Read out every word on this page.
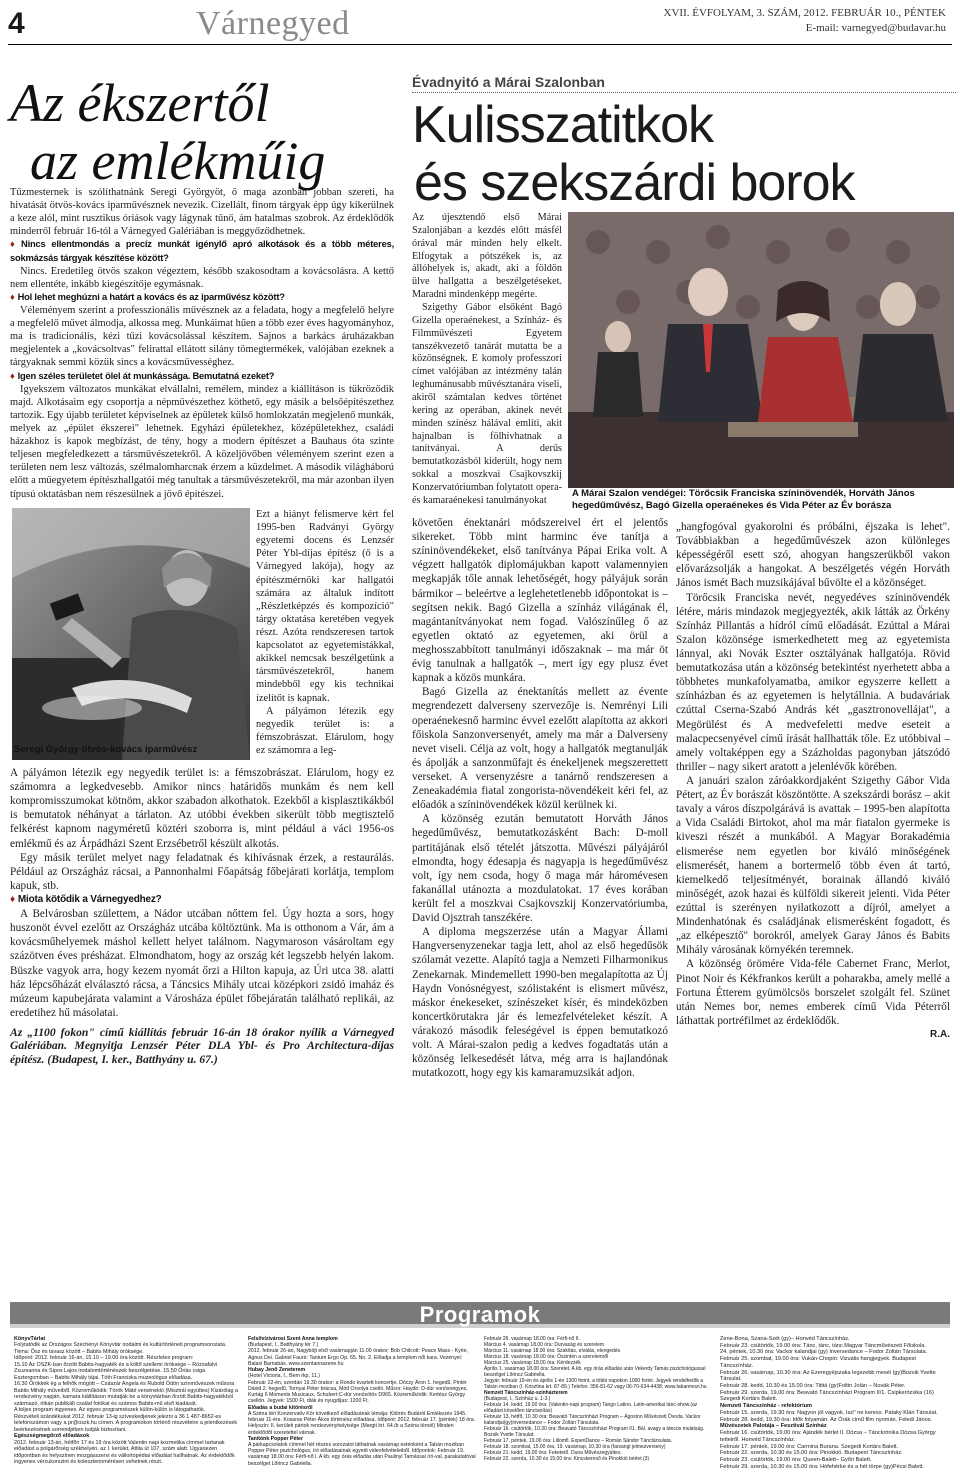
4	Várnegyed	XVII. ÉVFOLYAM, 3. SZÁM, 2012. FEBRUÁR 10., PÉNTEK
E-mail: varnegyed@budavar.hu
Az ékszertől
az emlékműig

Tűzmesternek is szólíthatnánk Seregi Györgyöt, ő maga azonban jobban szereti, ha hivatását ötvös-kovács iparművésznek nevezik. Cizellált, finom tárgyak épp úgy kikerülnek a keze alól, mint rusztikus óriások vagy lágynak tűnő, ám hatalmas szobrok. Az érdeklődők minderről február 16-tól a Várnegyed Galériában is meggyőződhetnek.

♦ Nincs ellentmondás a precíz munkát igénylő apró alkotások és a több méteres, sokmázsás tárgyak készítése között?

Nincs. Eredetileg ötvös szakon végeztem, később szakosodtam a kovácsolásra. A kettő nem ellentéte, inkább kiegészítője egymásnak.

♦ Hol lehet meghúzni a határt a kovács és az iparművész között?

Véleményem szerint a professzionális művésznek az a feladata, hogy a megfelelő helyre a megfelelő művet álmodja, alkossa meg. Munkáimat hűen a több ezer éves hagyományhoz, ma is tradicionális, kézi tűzi kovácsolással készítem. Sajnos a barkács áruházakban megjelentek a „kovácsoltvas" felirattal ellátott silány tömegtermékek, valójában ezeknek a tárgyaknak semmi közük sincs a kovácsművességhez.

♦ Igen széles területet ölel át munkássága. Bemutatná ezeket?

Igyekszem változatos munkákat elvállalni, remélem, mindez a kiállításon is tükröződik majd. Alkotásaim egy csoportja a népművészethez köthető, egy másik a belsőépítészethez tartozik. Egy újabb területet képviselnek az épületek külső homlokzatán megjelenő munkák, melyek az „épület ékszerei" lehetnek. Egyházi épületekhez, középületekhez, családi házakhoz is kapok megbízást, de tény, hogy a modern építészet a Bauhaus óta szinte teljesen megfeledkezett a társművészetekről. A közeljövőben véleményem szerint ezen a területen nem lesz változás, szélmalomharcnak érzem a küzdelmet. A második világháború előtt a műegyetem építészhallgatói még tanultak a társművészetekről, ma már azonban ilyen típusú oktatásban nem részesülnek a jövő építészei.

Seregi György ötvös-kovács iparművész

Ezt a hiányt felismerve kért fel 1995-ben Radványi György egyetemi docens és Lenzsér Péter Ybl-díjas építész (ő is a Várnegyed lakója), hogy az építészmérnöki kar hallgatói számára az általuk indított „Részletképzés és kompozíció" tárgy oktatása keretében vegyek részt. Azóta rendszeresen tartok kapcsolatot az egyetemistákkal, akikkel nemcsak beszélgetünk a társművészetekről, hanem mindebből egy kis technikai ízelítőt is kapnak.

A pályámon létezik egy negyedik terület is: a fémszobrászat. Elárulom, hogy ez számomra a leg-

A pályámon létezik egy negyedik terület is: a fémszobrászat. Elárulom, hogy ez számomra a legkedvesebb. Amikor nincs határidős munkám és nem kell kompromisszumokat kötnöm, akkor szabadon alkothatok. Ezekből a kisplasztikákból is bemutatok néhányat a tárlaton. Az utóbbi években sikerült több megtisztelő felkérést kapnom nagyméretű köztéri szoborra is, mint például a váci 1956-os emlékmű és az Árpádházi Szent Erzsébetről készült alkotás.

Egy másik terület melyet nagy feladatnak és kihívásnak érzek, a restaurálás. Például az Országház rácsai, a Pannonhalmi Főapátság főbejárati korlátja, templom kapuk, stb.

♦ Miota kötődik a Várnegyedhez?

A Belvárosban születtem, a Nádor utcában nőttem fel. Úgy hozta a sors, hogy huszonöt évvel ezelőtt az Országház utcába költöztünk. Ma is otthonom a Vár, ám a kovácsműhelyemek máshol kellett helyet találnom. Nagymaroson vásároltam egy százötven éves présházat. Elmondhatom, hogy az ország két legszebb helyén lakom. Büszke vagyok arra, hogy kezem nyomát őrzi a Hilton kapuja, az Úri utca 38. alatti ház lépcsőházát elválasztó rácsa, a Táncsics Mihály utcai középkori zsidó imaház és múzeum kapubejárata valamint a Városháza épület főbejáratán található replikái, az eredetihez hű másolatai.

Az „1100 fokon" című kiállítás február 16-án 18 órakor nyílik a Várnegyed Galériában. Megnyitja Lenzsér Péter DLA Ybl- és Pro Architectura-díjas építész. (Budapest, I. ker., Batthyány u. 67.)

Évadnyitó a Márai Szalonban
Kulisszatitkok
és szekszárdi borok
A Márai Szalon vendégei: Törőcsik Franciska színinövendék, Horváth János hegedűművész, Bagó Gizella operaénekes és Vida Péter az Év borásza

Az újesztendő első Márai Szalonjában a kezdés előtt másfél órával már minden hely elkelt. Elfogytak a pótszékek is, az állóhelyek is, akadt, aki a földön ülve hallgatta a beszélgetéseket. Maradni mindenképp megérte.

Szigethy Gábor elsőként Bagó Gizella operaénekest, a Színház- és Filmművészeti Egyetem tanszékvezető tanárát mutatta be a közönségnek. E komoly professzori címet valójában az intézmény talán leghumánusabb művésztanára viseli, akiről számtalan kedves történet kering az operában, akinek nevét minden színész hálával említi, akit hajnalban is fölhívhatnak a tanítványai. A derűs bemutatkozásból kiderült, hogy nem sokkal a moszkvai Csajkovszkij Konzervatóriumban folytatott opera- és kamaraénekesi tanulmányokat

követően énektanári módszereivel ért el jelentős sikereket. Több mint harminc éve tanítja a színinövendékeket, első tanítványa Pápai Erika volt. A végzett hallgatók diplomájukban kapott valamennyien megkapják tőle annak lehetőségét, hogy pályájuk során bármikor – beleértve a leglehetetlenebb időpontokat is – segítsen nekik. Bagó Gizella a színház világának él, magántanítványokat nem fogad. Valószínűleg ő az egyetlen oktató az egyetemen, aki örül a meghosszabbított tanulmányi időszaknak – ma már öt évig tanulnak a hallgatók –, mert így egy plusz évet kapnak a közös munkára.

Bagó Gizella az énektanítás mellett az évente megrendezett dalverseny szervezője is. Nemrényi Lili operaénekesnő harminc évvel ezelőtt alapította az akkori főiskola Sanzonversenyét, amely ma már a Dalverseny nevet viseli. Célja az volt, hogy a hallgatók megtanulják és ápolják a sanzonműfajt és énekeljenek megszerettett verseket. A versenyzésre a tanárnő rendszeresen a Zeneakadémia fiatal zongorista-növendékeit kéri fel, az előadók a színinövendékek közül kerülnek ki.

A közönség ezután bemutatott Horváth János hegedűművész, bemutatkozásként Bach: D-moll partitájának első tételét játszotta. Művészi pályájáról elmondta, hogy édesapja és nagyapja is hegedűművész volt, így nem csoda, hogy ő maga már háromévesen fakanállal utánozta a mozdulatokat. 17 éves korában került fel a moszkvai Csajkovszkij Konzervatóriumba, David Ojsztrah tanszékére.

A diploma megszerzése után a Magyar Állami Hangversenyzenekar tagja lett, ahol az első hegedűsök szólamát vezette. Alapító tagja a Nemzeti Filharmonikus Zenekarnak. Mindemellett 1990-ben megalapította az Új Haydn Vonósnégyest, szólistaként is elismert művész, máskor énekeseket, színészeket kísér, és mindeközben koncertkörutakra jár és lemezfelvételeket készít. A várakozó második feleségével is éppen bemutatkozó volt. A Márai-szalon pedig a kedves fogadtatás után a közönség lelkesedését látva, még arra is hajlandónak mutatkozott, hogy egy kis kamaramuzsikát adjon.

„hangfogóval gyakorolni és próbálni, éjszaka is lehet". Továbbiakban a hegedűművészek azon különleges képességéről esett szó, ahogyan hangszerükből vakon elővarázsolják a hangokat. A beszélgetés végén Horváth János ismét Bach muzsikájával bűvölte el a közönséget.

Törőcsik Franciska nevét, negyedéves színinövendék létére, máris mindazok megjegyezték, akik látták az Örkény Színház Pillantás a hídról című előadását. Ezúttal a Márai Szalon közönsége ismerkedhetett meg az egyetemista lánnyal, aki Novák Eszter osztályának hallgatója. Rövid bemutatkozása után a közönség betekintést nyerhetett abba a többhetes munkafolyamatba, amikor egyszerre kellett a színházban és az egyetemen is helytállnia. A budaváriak czúttal Cserna-Szabó András két „gasztronovellájat", a Megörülést és A medvefeletti medve eseteit a malacpecsenyével című írását hallhatták tőle. Ez utóbbival – amely voltaképpen egy a Százholdas pagonyban játszódó thriller – nagy sikert aratott a jelenlévők körében.

A januári szalon záróakkordjaként Szigethy Gábor Vida Pétert, az Év borászát köszöntötte. A szekszárdi borász – akit tavaly a város díszpolgárává is avattak – 1995-ben alapította a Vida Családi Birtokot, ahol ma már fiatalon gyermeke is kiveszi részét a munkából. A Magyar Borakadémia elismerése nem egyetlen bor kiváló minőségének elismerését, hanem a bortermelő több éven át tartó, kiemelkedő teljesítményét, borainak állandó kiváló minőségét, azok hazai és külföldi sikereit jelenti. Vida Péter ezúttal is szerényen nyilatkozott a díjról, amelyet a Mindenhatónak és családjának elismerésként fogadott, és „az elképesztő" borokról, amelyek Garay János és Babits Mihály városának környékén teremnek.

A közönség örömére Vida-féle Cabernet Franc, Merlot, Pinot Noir és Kékfrankos került a poharakba, amely mellé a Fortuna Étterem gyümölcsös borszelet szolgált fel. Szünet után Nemes bor, nemes emberek című Vida Péterről láthattak portréfilmet az érdeklődők.

R.A.

Programok
KönyvTárlat
Folytatódik az Országos Széchényi Könyvtár irodalmi és kultúrtörténeti programsorozata. Téma: Ősz és tavasz között – Babits Mihály öröksége.
Időpont: 2012. február 16-án, 15.10 – 19.00 óra között. Részletes program:
15.10 Az OSZK-ban őrzött Babits-hagyaték és a költő szellemi öröksége – Rózsafalvi Zsuzsanna és Sipos Lajos irodalomtörténészek beszélgetése. 15.50 Óriás csiga Esztergomban – Babits Mihály tájai. Tóth Franciska muzeológus előadása.
16.30 Örökkék ég a felhők mögött – Császár Angela és Rubold Ödön színművészek műsora Babits Mihály műveiből. Közreműködik: Török Máté versénekló (Misztrál együttes) Kizárólag a rendezvény napján, kamara kiállításon mutatják be a könyvtárban őrzött Babits-hagyatékból származó, ritkán publikált család fotókat és számos Babits-mű első kiadását.
A teljes program ingyenes. Az egyes programrészek külön-külön is látogathatók.
Részvételi szándékukat 2012. február 13-ig szíveskedjenek jelezni a 36 1 487-8652-es telefonszámon vagy a pr@oszk.hu címen. A programokon történő részvételre a jelentkezések beérkezésének sorrendjében tudják biztosítani.
Egészségmegőrző előadások
2012. február 13-án, hétfőn 17 és 19 óra között Valentin napi kozmetika címmel tartanak előadást a polgárőrség székhelyén, az I. kerület, Attila út 107. szám alatt. Ugyanezen időpontban és helyszínen mozgásszervi és vállortopédiai előadást hallhatnak. Az érdeklődők ingyenes vércukorszint és koleszterinmérésen vehetnek részt.
Felsővízivárosi Szent Anna templom
(Budapest, I., Batthyány tér 7.)
2012. február 26-án, Nagyböjt első vasárnapján 11.00 órakor: Bob Chilcott: Peace Mass - Kyrie, Agnus Dei. Gabriel Fauré: Tantum Ergo Op. 65. No. 2. Előadja a templom női kara. Vezényel: Balasi Barnabás. www.szentannazene.hu
Hubay Jenő Zeneterem
(Hotel Victoria, I., Bem rkp. 11.)
Február 22-én, szerdán 19.30 órakor: a Rondo kvartett koncertje. Dóczy Áron 1. hegedű, Pintér Dávid 2. hegedű, Tornyai Péter brácsa, Mód Orsolya cselló. Műsor: Haydn: D-dúr vonósnégyes, Kurtág 6 Moments Musicaux, Schubert:C-dúr vonósötös D965. Közreműködik: Kertész György csellón. Jegyek: 1500 Ft, diák és nyugdíjas: 1200 Ft.
Előadás a budai kitörésről
A Széna téri Konzervatív Kör következő előadásának témája: Kitörés Budáról Emlékezés 1945. február 11-ére. Kosaras Péter Ákos történész előadása. Időpont: 2012. február 17. (péntek) 18 óra. Helyszín: II. kerületi pártok rendezvényhelyisége (Margit krt. 64./b a Széna térnél) Minden érdeklődőt szeretettel várnak.
Tanítónk Popper Péter
A párkapcsolatok címmel hét részes sorozatot láthatnak vasárnap esténként a Tabán moziban Popper Péter pszichológus, író előadásainak egyedi videofelvételeiből. Időpontok: Február 19. vasárnap 18.00 óra: Férfi-nő I. A kb. egy órás előadás után Paulinyi Tamással író-val, parakutatóval beszélget Lőrincz Gabriella.
Február 26. vasárnap 18.00 óra: Férfi-nő II.
Március 4. vasárnap 18.00 óra: Durvaság és szerelem
Március 11. vasárnap 18.00 óra: Szakítás, elválás, elengedés
Március 18. vasárnap 18.00 óra: Őszintén a szerelemről
Március 25. vasárnap 18.00 óra: Kérdezzék
Április 1. vasárnap 18.00 óra: Szeretet. A kb. egy órás előadás után Vekerdy Tamás pszichológussal beszélget Lőrincz Gabriella.
Jegyár: február 19-én és április 1-én 1300 forint, a többi napokon 1000 forint. Jegyek rendelhetők a Tabán moziban (I. Krisztina krt. 87-89.) Telefon: 356-81-62 vagy 06-70-634-4438; www.tabanmozi.hu
Nemzeti Táncszínház-színházterem
(Budapest, I., Színház u. 1-3.)
Február 14. kedd, 19.00 óra: (Valentin-napi program) Tango Latino. Latin-amerikai tánc-show.(az előadást követően tánctanítás)
Február 13, hétfő, 10.30 óra: Beavató Táncszínházi Program – Ágoston Művészeti Óvoda. Vackor kalandjai(gy)inversedance – Fodor Zoltán Társulata.
Február 16. csütörtök, 10.30 óra: Beavató Táncszínházi Program I/1. Bál, avagy a táncos mulatság. Bozsik Yvette Társulat.
Február 17. péntek, 19.00 óra: Liliomfi. ExperiDance – Román Sándor Tánctársulata.
Február 18. szombat, 15.00 óra, 19. vasárnap, 10.30 óra (farsangi jelmezverseny)
Február 21. kedd, 19.00 óra: Feketető. Duna Művészegyüttes.
Február 22. szerda, 10.30 és 15.00 óra: Kincskereső és Pinokkió bérlet (3)
Zene-Bona, Szana-Szét (gy)– Honvéd Táncszínház.
Február 23. csütörtök, 19.00 óra: Tánc, tánc, tánc.Magyar Táncművészeti Főiskola.
24. péntek, 10.30 óra: Vackor kalandjai (gy) Inversedance – Fodor Zoltán Társulata.
Február 25. szombat, 19.00 óra: Vukán-Chopin: Vizuális hangjegyek. Budapest Táncszínház.
Február 26. vasárnap, 10.30 óra: Az Ezeregyéjszaka legszebb meséi (gy)Bozsik Yvette Társulat.
Február 28. kedd, 10.30 és 15.00 óra: Tititá (gy)Foltin Jolán – Novák Péter.
Február 29. szerda, 19.00 óra: Beavató Táncszínházi Program II/1. Csipkerózsika (16) Szegedi Kortárs Balett.
Nemzeti Táncszínház - refektórium
Február 15. szerda, 19.30 óra: Nagyon jól vagyok, Isz!' ne keress. Pataky Klári Társulat.
Február 28. kedd, 19.30 óra: Idők folyamán. Az Órák című film nyomán. Feledi János.
Művészetek Palotája – Fesztivál Színház
Február 16. csütörtök, 19.00 óra: Ajándék bérlet II. Dózsa – Tánckrónika Dózsa György tetteiről. Honvéd Táncszínház.
Február 17. péntek, 19.00 óra: Carmina Burana. Szegedi Kortárs Balett.
Február 22. szerda, 10.30 és 15.00 óra: Pinokkió. Budapest Táncszínház.
Február 23. csütörtök, 19.00 óra: Queen-Balett– Győri Balett.
Február 29. szerda, 10.30 és 15.00 óra: Hófehérke és a hét törpe (gy)Pécsi Balett.
